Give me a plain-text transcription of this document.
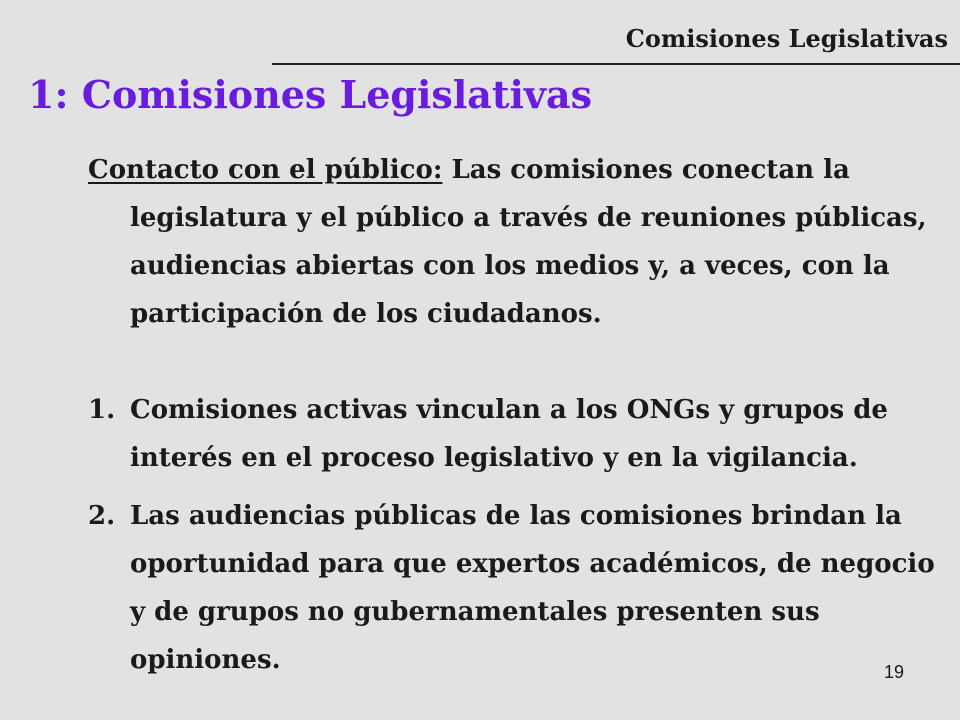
Comisiones Legislativas
1: Comisiones Legislativas
Contacto con el público: Las comisiones conectan la legislatura y el público a través de reuniones públicas, audiencias abiertas con los medios y, a veces, con la participación de los ciudadanos.
1. Comisiones activas vinculan a los ONGs y grupos de interés en el proceso legislativo y en la vigilancia.
2. Las audiencias públicas de las comisiones brindan la oportunidad para que expertos académicos, de negocio y de grupos no gubernamentales presenten sus opiniones.	19
